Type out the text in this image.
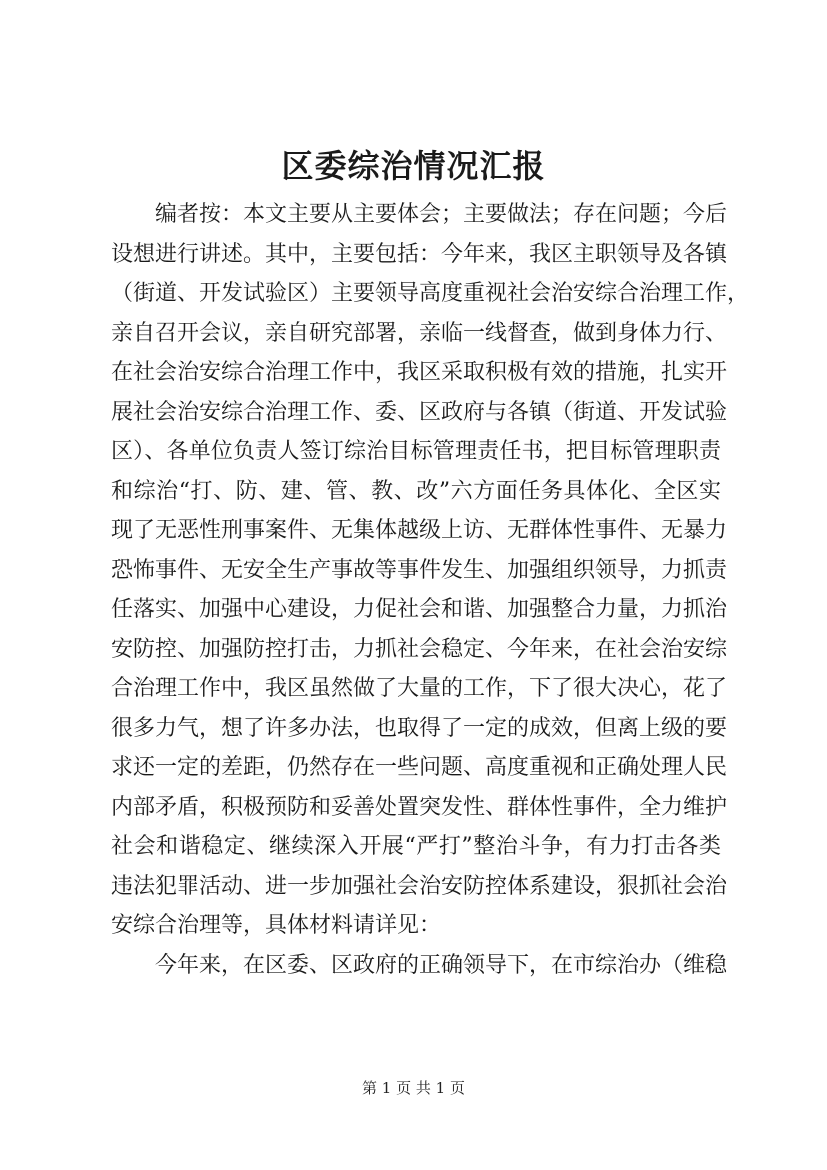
区委综治情况汇报
编者按：本文主要从主要体会；主要做法；存在问题；今后
设想进行讲述。其中，主要包括：今年来，我区主职领导及各镇
（街道、开发试验区）主要领导高度重视社会治安综合治理工作，
亲自召开会议，亲自研究部署，亲临一线督查，做到身体力行、
在社会治安综合治理工作中，我区采取积极有效的措施，扎实开
展社会治安综合治理工作、委、区政府与各镇（街道、开发试验
区）、各单位负责人签订综治目标管理责任书，把目标管理职责
和综治“打、防、建、管、教、改”六方面任务具体化、全区实
现了无恶性刑事案件、无集体越级上访、无群体性事件、无暴力
恐怖事件、无安全生产事故等事件发生、加强组织领导，力抓责
任落实、加强中心建设，力促社会和谐、加强整合力量，力抓治
安防控、加强防控打击，力抓社会稳定、今年来，在社会治安综
合治理工作中，我区虽然做了大量的工作，下了很大决心，花了
很多力气，想了许多办法，也取得了一定的成效，但离上级的要
求还一定的差距，仍然存在一些问题、高度重视和正确处理人民
内部矛盾，积极预防和妥善处置突发性、群体性事件，全力维护
社会和谐稳定、继续深入开展“严打”整治斗争，有力打击各类
违法犯罪活动、进一步加强社会治安防控体系建设，狠抓社会治
安综合治理等，具体材料请详见：
今年来，在区委、区政府的正确领导下，在市综治办（维稳
第 1 页 共 1 页
